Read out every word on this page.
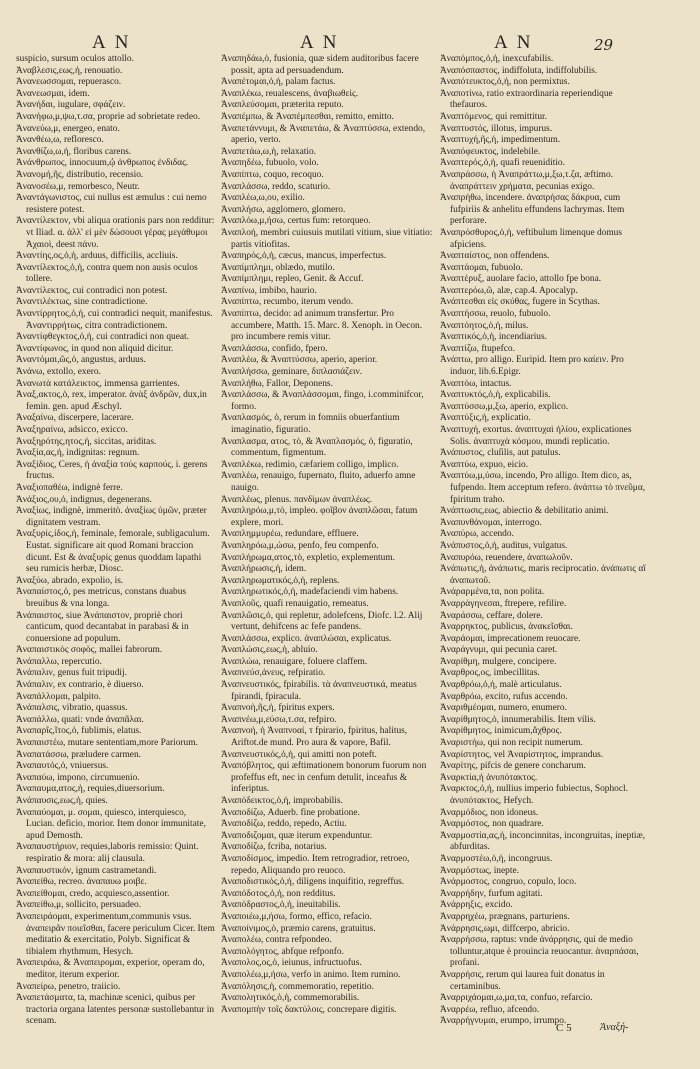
AN	AN	AN	29
suspicio, sursum oculos attollo.
Ἀναβλεσις,εως,ἡ, renouatio.
Ἀνανεωσσομαι, repuerasco.
Ἀνανεωσμαι, idem.
Ἀνανήδαι, iugulare, σφάζειν.
Ἀνανήφω,μ,ψω,τ.σα, proprie ad sobrietate redeo.
Ἀνανεύω,μ, energeo, enato.
Ἀνανθέω,ω, refloresco.
Ἀνανθίζω,ω,ἡ, floribus carens.
Ἀνάνθρωπος, innocuum,ᾧ ἀνθρωπος ἐνδιδας.
Ἀνανομή,ῆς, distributio, recensio.
Ἀνανοσέω,μ, remorbesco, Neutr.
Ἀναντάγωνιστος, cui nullus est æmulus : cui nemo resistere potest.
Ἀναντίλεκτον, vbi aliqua orationis pars non redditur: vt Iliad. α. ἀλλ' εἰ μὲν δώσουσι γέρας μεγάθυμοι Ἀχαιοὶ, deest πάνυ.
Ἀναντίης,ος,ὁ,ἡ, arduus, difficilis, accliuis.
Ἀναντίλεκτος,ὁ,ἡ, contra quem non ausis oculos tollere.
Ἀναντίλεκτος, cui contradici non potest.
Ἀναντιλέκτως, sine contradictione.
Ἀναντίρρητος,ὁ,ἡ, cui contradici nequit, manifestus. Ἀναντιρρήτως, citra contradictionem.
Ἀναντίφθεγκτος,ὁ,ἡ, cui contradici non queat.
Ἀναντίφωνος, in quod non aliquid dicitur.
Ἀναντόμαι,ῶς,ὁ, angustus, arduus.
Ἀνάνω, extollo, exero.
Ἀνανωτὰ κατάλεικτος, immensa garrientes.
Ἀναξ,ακτος,ὁ, rex, imperator. ἀνὰξ ἀνδρῶν, dux,in femin. gen. apud Æschyl.
Ἀναξαίνω, discerpere, lacerare.
Ἀναξηραίνω, adsicco, exicco.
Ἀναξηρότης,ητος,ἡ, siccitas, ariditas.
Ἀναξία,ας,ἡ, indignitas: regnum.
Ἀναξίδιος, Ceres, ἡ ἀναξία τούς καρπούς, i. gerens fructus.
Ἀναξιοπαθέω, indignè ferre.
Ἀνάξιος,ου,ὁ, indignus, degenerans.
Ἀναξίως, indignè, immeritò. ἀναξίως ὑμῶν, præter dignitatem vestram.
Ἀναξυρίς,ίδος,ἡ, feminale, femorale, subligaculum. Eustat. significare ait quod Romani braccion dicunt. Est & ἀναξυρίς genus quoddam lapathi seu rumicis herbæ, Diosc.
Ἀναξύω, abrado, expolio, is.
Ἀναπαίστος,ὁ, pes metricus, constans duabus breuibus & vna longa.
Ἀνάπαιστος, siue Ἀνάπαιστον, propriè chori canticum, quod decantabat in parabasi & in conuersione ad populum.
Ἀναπαιστικὸς σοφὸς, mallei fabrorum.
Ἀνάπαλλω, repercutio.
Ἀνάπαλιν, genus fuit tripudij.
Ἀνάπαλιν, ex contrario, è diuerso.
Ἀναπάλλομαι, palpito.
Ἀνάπαλσις, vibratio, quassus.
Ἀναπάλλω, quati: vnde ἀναπᾶλαι.
Ἀναπαρῖς,ῖτος,ὁ, fublimis, elatus.
Ἀναπαιστέω, mutare sententiam,more Pariorum.
Ἀναπατάσσω, præludere carmen.
Ἀναπαυτός,ὁ, vniuersus.
Ἀναπαύω, impono, circumuenio.
Ἀναπαυμα,ατος,ἡ, requies,diuersorium.
Ἀνάπαυσις,εως,ἡ, quies.
Ἀναπαύομαι, μ. σομαι, quiesco, interquiesco, Lucian. deficio, morior. Item donor immunitate, apud Demosth.
Ἀναπαυστήριον, requies,laboris remissio: Quint. respiratio & mora: alij clausula.
Ἀναπαυστικόν, ignum castrametandi.
Ἀναπείθω, recreo. ἀναπαυω μοιβε.
Ἀναπείθομαι, credo, acquiesco,assentior.
Ἀναπείθω,μ, sollicito, persuadeo.
Ἀναπειράομαι, experimentum,communis vsus. ἀναπειρᾶν ποιεῖσθαι, facere periculum Cicer. Item meditatio & exercitatio, Polyb. Significat & tibialem rhythmum, Hesych.
Ἀναπειράω, & Ἀναπειρομαι, experior, operam do, meditor, iterum experior.
Ἀναπείρω, penetro, traiicio.
Ἀναπετάσματα, ta, machinæ scenici, quibus per tractoria organa latentes personæ sustollebantur in scenam.
Ἀναπηδάω,ὁ, fusionia, quæ sidem auditoribus facere possit, apta ad persuadendum.
Ἀναπέτομαι,ὁ,ἡ, palam factus.
Ἀναπλέκω, reualescens, ἀναβιωθεὶς.
Ἀναπλεύσομαι, præterita reputo.
Ἀναπέμπω, & Ἀναπέμπεσθαι, remitto, emitto.
Ἀναπετάννυμι, & Ἀναπετάω, & Ἀναπτύσσω, extendo, aperio, verto.
Ἀναπετάω,ω,ἡ, relaxatio.
Ἀναπηδέω, fubuolo, volo.
Ἀναπίπτω, coquo, recoquo.
Ἀναπλάσσω, reddo, scaturio.
Ἀναπλέω,ω,ου, exilio.
Ἀναπλήσω, agglomero, glomero.
Ἀναπλόω,μ,ήσω, certus fum: retorqueo.
Ἀναπλοή, membri cuiusuis mutilati vitium, siue vitiatio: partis vitiofitas.
Ἀναπηρός,ὁ,ἡ, cæcus, mancus, imperfectus.
Ἀναπίμπλημι, oblædo, mutilo.
Ἀναπίμπλημι, repleo, Genit. & Accuf.
Ἀναπίνω, imbibo, haurio.
Ἀναπίπτω, recumbo, iterum vendo.
Ἀναπίπτω, decido: ad animum transfertur. Pro accumbere, Matth. 15. Marc. 8. Xenoph. in Oecon. pro incumbere remis vitur.
Ἀναπλάσσω, confido, fpero.
Ἀναπλέω, & Ἀναπτύσσω, aperio, aperior.
Ἀναπλήσσω, geminare, διπλασιάζειν.
Ἀναπλήθω, Fallor, Deponens.
Ἀναπλάσσω, & Ἀναπλάσσομαι, fingo, i.comminifcor, formo.
Ἀναπλασμός, ὁ, rerum in fomniis obuerfantium imaginatio, figuratio.
Ἀναπλασμα, ατος, τὸ, & Ἀναπλασμός, ὁ, figuratio, commentum, figmentum.
Ἀναπλέκω, redimio, cæfariem colligo, implico.
Ἀναπλέω, renauigo, fupernato, fluito, aduerfo amne nauigo.
Ἀναπλέως, plenus. πανδίμων ἀναπλέως.
Ἀναπληρόω,μ,τὸ, impleo. φοῖβον ἀναπλῶσαι, fatum explere, mori.
Ἀναπλημμυρέω, redundare, effluere.
Ἀναπληρόω,μ,ώσω, penfo, feu compenfo.
Ἀναπλήρωμα,ατος,τὸ, expletio, explementum.
Ἀναπλήρωσις,ἡ, idem.
Ἀναπληρωματικός,ὁ,ἡ, replens.
Ἀναπληρωτικός,ὁ,ἡ, madefaciendi vim habens.
Ἀναπλοῦς, quafi renauigatio, remeatus.
Ἀναπλῶσις,ὁ, qui repletur, adolefcens, Diofc. l.2. Alij vertunt, dehifcens ac fefe pandens.
Ἀναπλάσσω, explico. ἀναπλώσαι, explicatus.
Ἀναπλώσις,εως,ἡ, abluio.
Ἀναπλώω, renauigare, foluere claffem.
Ἀναπνεύσ,ἀνευς, refpiratio.
Ἀναπνευστικός, fpirabilis. τὰ ἀναπνευστικά, meatus fpirandi, fpiracula.
Ἀναπνοὴ,ῆς,ἡ, fpiritus expers.
Ἀναπνέω,μ,εύσω,τ.σα, refpiro.
Ἀναπνοή, ἡ Ἀναπνοαί, τ fpirario, fpiritus, halitus, Ariftot.de mund. Pro aura & vapore, Bafil.
Ἀναπνευστικός,ὁ,ἡ, qui amitti non poteft.
Ἀναπόβλητος, qui æftimationem bonorum fuorum non profeffus eft, nec in cenfum detulit, inceafus & inferiptus.
Ἀναπόδεικτος,ὁ,ἡ, improbabilis.
Ἀναποδίζω, Aduerb. fine probatione.
Ἀναποδίζω, reddo, repedo, Actiu.
Ἀναποδιζομαι, quæ iterum expenduntur.
Ἀναποδίζω, fcriba, notarius.
Ἀναποδίσμος, impedio. Item retrogradior, retroeo, repedo, Aliquando pro reuoco.
Ἀναποδιστικός,ὁ,ἡ, diligens inquifitio, regreffus.
Ἀναπόδοτος,ὁ,ἡ, non redditus.
Ἀναπόδραστος,ὁ,ἡ, ineuitabilis.
Ἀναποιέω,μ,ήσω, formo, effico, refacio.
Ἀναποίνιμος,ὁ, præmio carens, gratuitus.
Ἀναπολέω, contra refpondeo.
Ἀναπολόγητος, abfque refponfo.
Ἀναπολος,ος,ὁ, ieiunus, infructuofus.
Ἀναπολέω,μ,ήσω, verfo in animo. Item rumino.
Ἀναπόλησις,ἡ, commemoratio, repetitio.
Ἀναπολητικός,ὁ,ἡ, commemorabilis.
Ἀναπομπὴν τοῖς δακτύλοις, concrepare digitis.
Ἀναπόμπος,ὁ,ἡ, inexcufabilis.
Ἀναπόσπαστος, indiffoluta, indiffolubilis.
Ἀναπότευκτος,ὁ,ἡ, non permixtus.
Ἀναποτίνω, ratio extraordinaria reperiendique thefauros.
Ἀναπτόμενος, qui remittitur.
Ἀναπτυστός, illotus, impurus.
Ἀναπτυχή,ῆς,ἡ, impedimentum.
Ἀναπόφευκτος, indelebile.
Ἀναπτερός,ὁ,ἡ, quafi reueniditio.
Ἀναπράσσω, ἡ Ἀναπράττω,μ,ξω,τ.ζα, æftimo. ἀναπράττειν χρήματα, pecunias exigo.
Ἀναπρήθω, incendere. ἀναπρήσας δάκρυα, cum fufpiriis & anhelitu effundens lachrymas. Item perforare.
Ἀναπρόσθυρος,ὁ,ἡ, veftibulum limenque domus afpiciens.
Ἀναπταίστος, non offendens.
Ἀναπτάομαι, fubuolo.
Ἀναπτέρυξ, auolare facio, attollo fpe bona.
Ἀναπτερόω,ῶ, alæ, cap.4. Apocalyp.
Ἀνάπτεσθαι εἰς σκύθας, fugere in Scythas.
Ἀναπτήσσω, reuolo, fubuolo.
Ἀναπτόητος,ὁ,ἡ, milus.
Ἀναπτικός,ὁ,ἡ, incendiarius.
Ἀναπτίζω, ftupefco.
Ἀνάπτω, pro alligo. Euripid. Item pro καίειν. Pro induor, lib.6.Epigr.
Ἀναπτόω, intactus.
Ἀναπτυκτός,ὁ,ἡ, explicabilis.
Ἀναπτύσσω,μ,ξω, aperio, explico.
Ἀναπτύξις,ἡ, explicatio.
Ἀναπτυχή, exortus. ἀναπτυχαὶ ἡλίου, explicationes Solis. ἀναπτυχὰ κόσμου, mundi replicatio.
Ἀνάπυστος, cluſilis, aut patulus.
Ἀναπτύω, expuo, eicio.
Ἀναπτύω,μ,ύσω, incendo, Pro alligo. Item dico, as, fufpendo. Item acceptum refero. ἀνάπτω τὸ πνεῦμα, fpiritum traho.
Ἀνάπτωσις,εως, abiectio & debilitatio animi.
Ἀναπυνθάνομαι, interrogo.
Ἀναπύρω, accendo.
Ἀνάπυστος,ὁ,ἡ, auditus, vulgatus.
Ἀναπυρόω, reuendere, ἀναπωλοῦν.
Ἀνάπωτις,ἡ, ἀνάπωτις, maris reciprocatio. ἀνάπωτις αἵ ἀναπωτοῦ.
Ἀνάραρμένα,τα, non polita.
Ἀναρράγηνεσαι, ftrepere, refilire.
Ἀναράσσω, ceffare, dolere.
Ἀναρρηκτος, publicus, ἀνακεῖσθαι.
Ἀναράομαι, imprecationem reuocare.
Ἀναράγνυμι, qui pecunia caret.
Ἀναρίθμη, mulgere, concipere.
Ἀναρθρος,ος, imbecillitas.
Ἀναρθρόω,ὁ,ἡ, malè articulatus.
Ἀναρθρόω, excito, rufus accendo.
Ἀναριθμέομαι, numero, enumero.
Ἀναρίθμητος,ὁ, innumerabilis. Item vilis.
Ἀναρίθμητος, inimicum,ἄχθρος.
Ἀναριστήω, qui non recipit numerum.
Ἀναρίστητος, vel Ἀναρίστητος, imprandus.
Ἀναρίτης, pifcis de genere concharum.
Ἀναρκτία,ἡ ἀνυπότακτος.
Ἀναρκτος,ὁ,ἡ, nullius imperio fubiectus, Sophocl. ἀνυπότακτος, Hefych.
Ἀναρμόδιος, non idoneus.
Ἀναρμόστος, non quadrare.
Ἀναρμοστία,ας,ἡ, inconcinnitas, incongruitas, ineptiæ, abfurditas.
Ἀναρμοστέω,ὁ,ἡ, incongruus.
Ἀναρμόστως, inepte.
Ἀνάρμοστος, congruo, copulo, loco.
Ἀναρρήδην, furfum agitati.
Ἀνάρρηξις, excido.
Ἀναρρηχέω, prægnans, parturiens.
Ἀνάρρησις,ωμι, diffcerpo, abricio.
Ἀναρρήσσω, raptus: vnde ἀνάρρησις, qui de medio tolluntur,atque è prouincia reuocantur. ἀναρπάσαι, profani.
Ἀναρρήσις, rerum qui laurea fuit donatus in certaminibus.
Ἀναρριχάομαι,ω,μα,τα, confuo, refarcio.
Ἀναρρέω, refluo, afcendo.
Ἀναρρήγνυμαι, erumpo, irrumpo.
C 5	Ἀναξή-
